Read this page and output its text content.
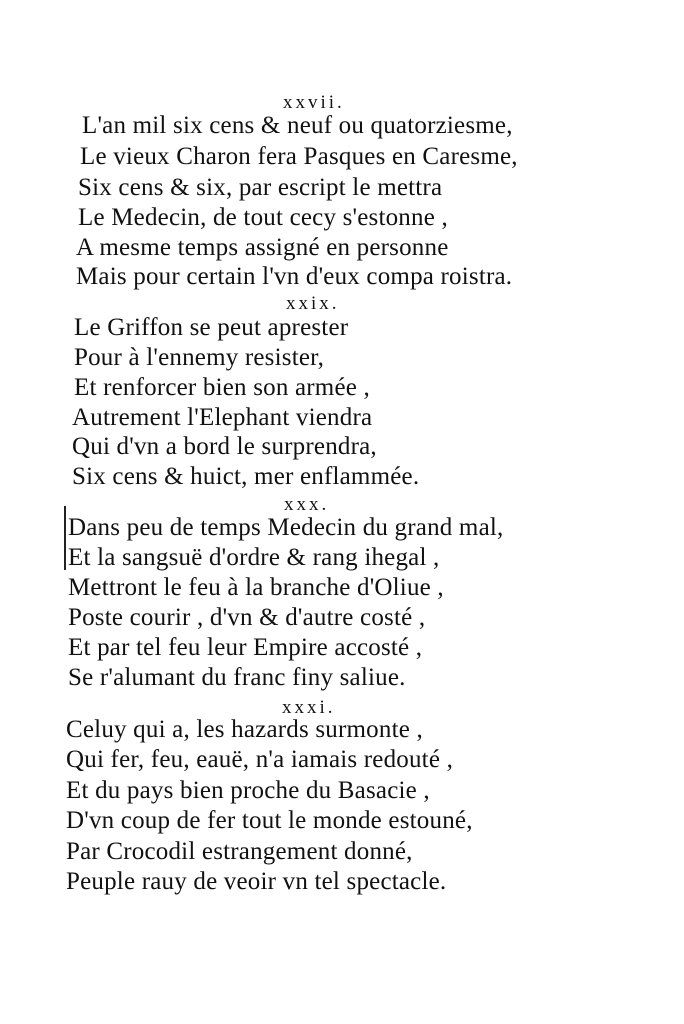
xxvii.
L'an mil six cens & neuf ou quatorziesme,
Le vieux Charon fera Pasques en Caresme,
Six cens & six, par escript le mettra
Le Medecin, de tout cecy s'estonne ,
A mesme temps assigné en personne
Mais pour certain l'vn d'eux compa roistra.
xxix.
Le Griffon se peut aprester
Pour à l'ennemy resister,
Et renforcer bien son armée ,
Autrement l'Elephant viendra
Qui d'vn a bord le surprendra,
Six cens & huict, mer enflammée.
xxx.
Dans peu de temps Medecin du grand mal,
Et la sangsuë d'ordre & rang ihegal ,
Mettront le feu à la branche d'Oliue ,
Poste courir , d'vn & d'autre costé ,
Et par tel feu leur Empire accosté ,
Se r'alumant du franc finy saliue.
xxxi.
Celuy qui a, les hazards surmonte ,
Qui fer, feu, eauë, n'a iamais redouté ,
Et du pays bien proche du Basacie ,
D'vn coup de fer tout le monde estouné,
Par Crocodil estrangement donné,
Peuple rauy de veoir vn tel spectacle.
